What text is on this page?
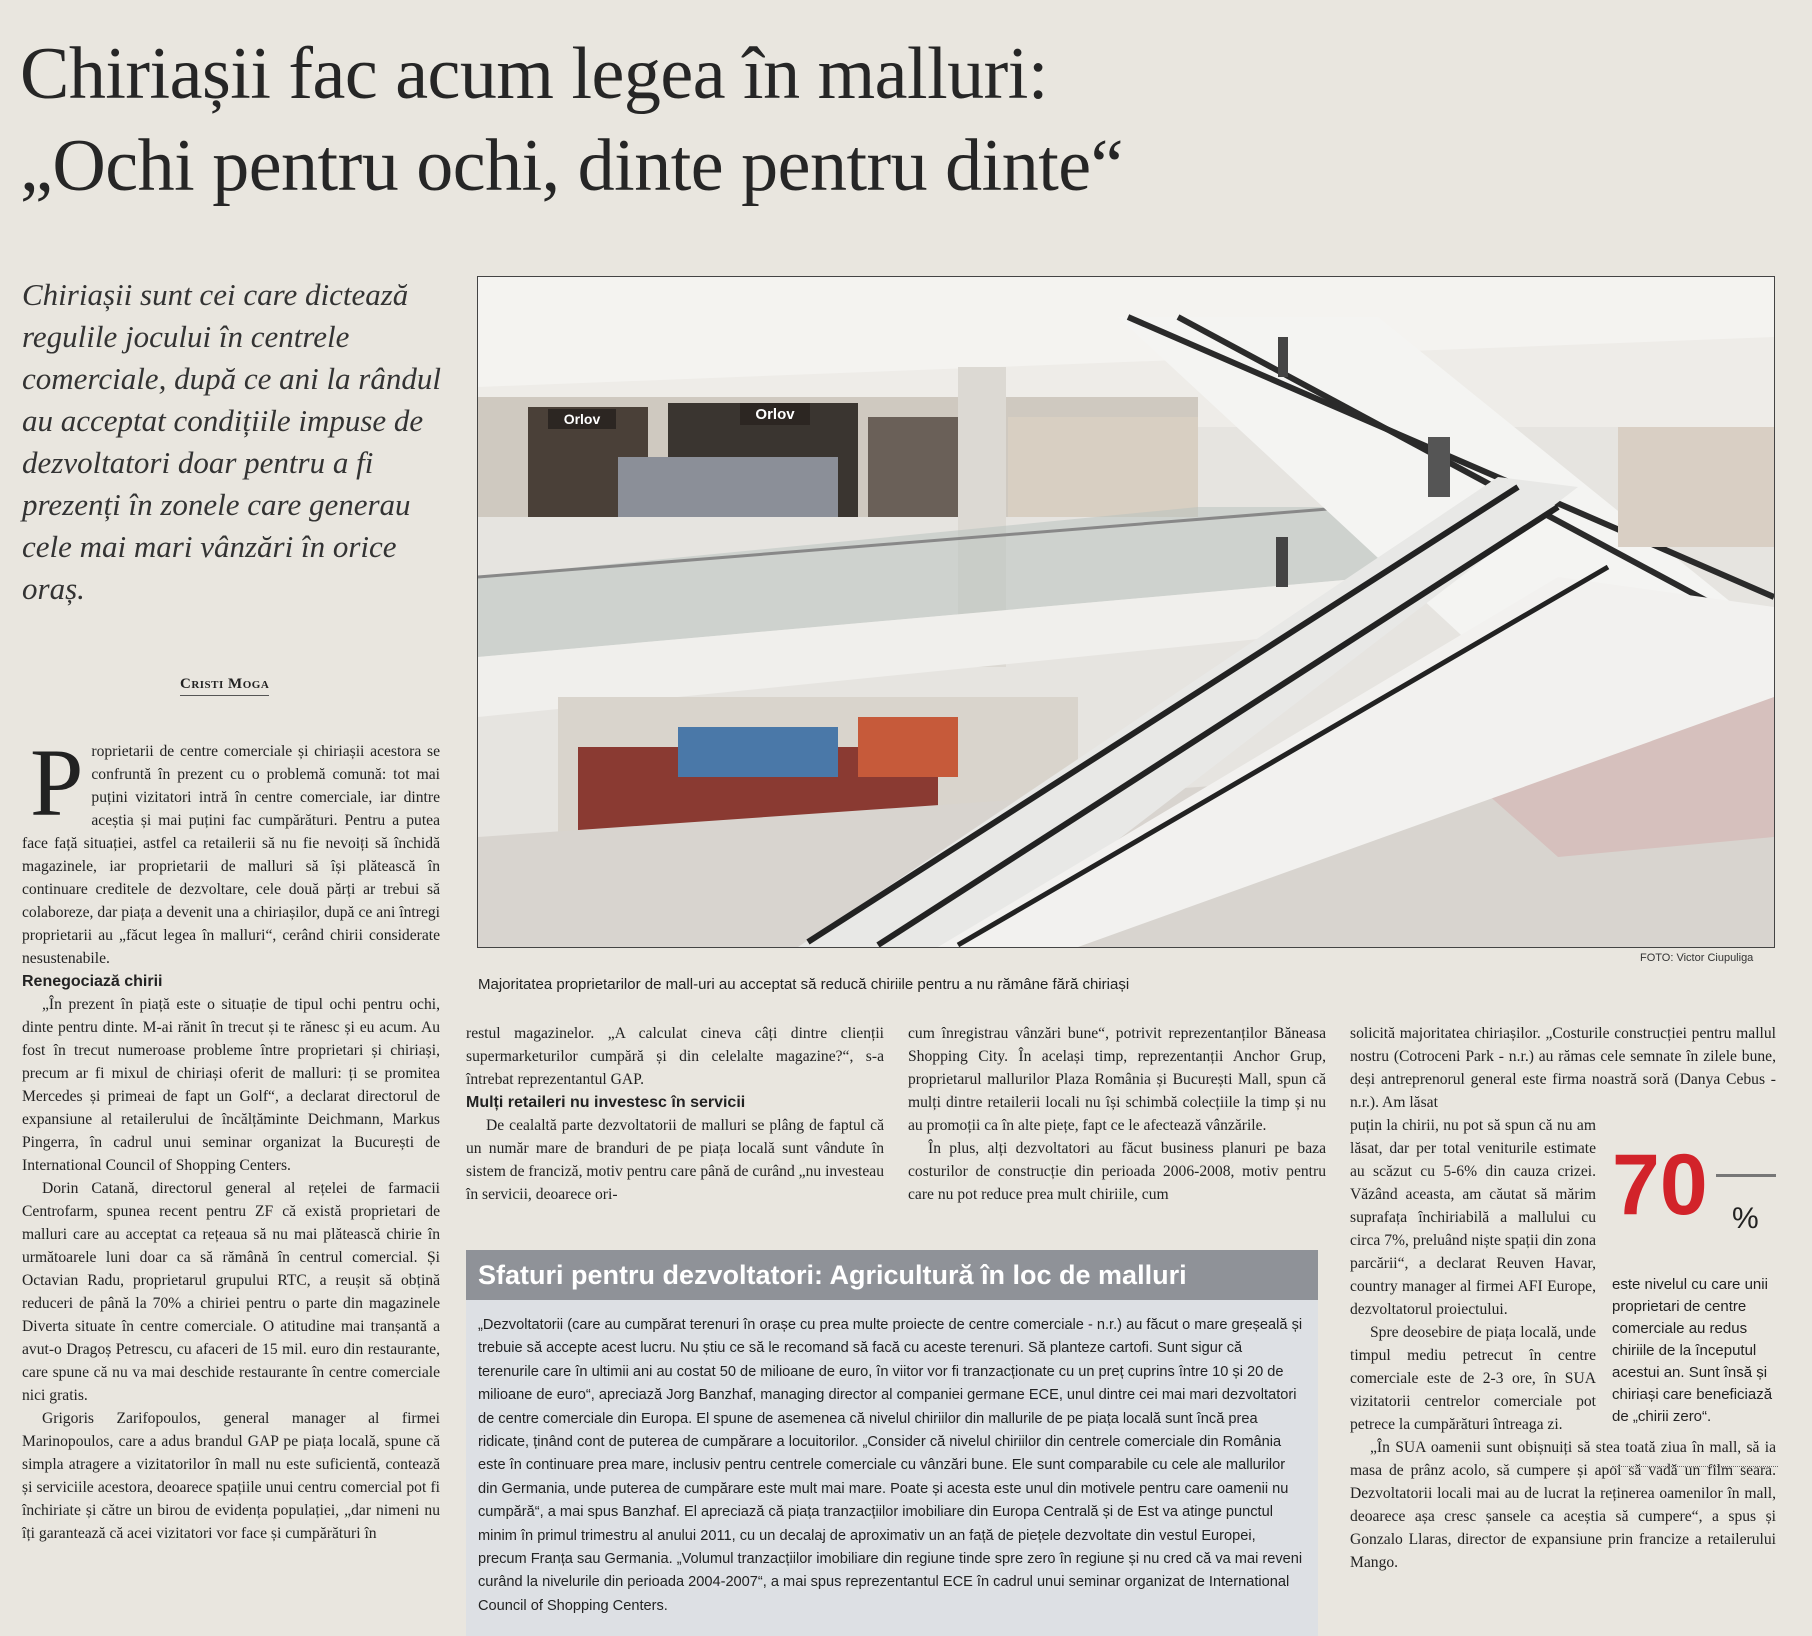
Chiriașii fac acum legea în malluri:
„Ochi pentru ochi, dinte pentru dinte“
Chiriașii sunt cei care dictează regulile jocului în centrele comerciale, după ce ani la rândul au acceptat condițiile impuse de dezvoltatori doar pentru a fi prezenți în zonele care generau cele mai mari vânzări în orice oraș.
Cristi Moga
Orlov	Orlov
FOTO: Victor Ciupuliga
Majoritatea proprietarilor de mall-uri au acceptat să reducă chiriile pentru a nu rămâne fără chiriași

Proprietarii de centre comerciale și chiriașii acestora se confruntă în prezent cu o problemă comună: tot mai puțini vizitatori intră în centre comerciale, iar dintre aceștia și mai puțini fac cumpărături. Pentru a putea face față situației, astfel ca retailerii să nu fie nevoiți să închidă magazinele, iar proprietarii de malluri să își plătească în continuare creditele de dezvoltare, cele două părți ar trebui să colaboreze, dar piața a devenit una a chiriașilor, după ce ani întregi proprietarii au „făcut legea în malluri“, cerând chirii considerate nesustenabile.

Renegociază chirii

„În prezent în piață este o situație de tipul ochi pentru ochi, dinte pentru dinte. M-ai rănit în trecut și te rănesc și eu acum. Au fost în trecut numeroase probleme între proprietari și chiriași, precum ar fi mixul de chiriași oferit de malluri: ți se promitea Mercedes și primeai de fapt un Golf“, a declarat directorul de expansiune al retailerului de încălțăminte Deichmann, Markus Pingerra, în cadrul unui seminar organizat la București de International Council of Shopping Centers.

Dorin Catană, directorul general al rețelei de farmacii Centrofarm, spunea recent pentru ZF că există proprietari de malluri care au acceptat ca rețeaua să nu mai plătească chirie în următoarele luni doar ca să rămână în centrul comercial. Și Octavian Radu, proprietarul grupului RTC, a reușit să obțină reduceri de până la 70% a chiriei pentru o parte din magazinele Diverta situate în centre comerciale. O atitudine mai tranșantă a avut-o Dragoș Petrescu, cu afaceri de 15 mil. euro din restaurante, care spune că nu va mai deschide restaurante în centre comerciale nici gratis.

Grigoris Zarifopoulos, general manager al firmei Marinopoulos, care a adus brandul GAP pe piața locală, spune că simpla atragere a vizitatorilor în mall nu este suficientă, contează și serviciile acestora, deoarece spațiile unui centru comercial pot fi închiriate și către un birou de evidența populației, „dar nimeni nu îți garantează că acei vizitatori vor face și cumpărături în

restul magazinelor. „A calculat cineva câți dintre clienții supermarketurilor cumpără și din celelalte magazine?“, s-a întrebat reprezentantul GAP.

Mulți retaileri nu investesc în servicii

De cealaltă parte dezvoltatorii de malluri se plâng de faptul că un număr mare de branduri de pe piața locală sunt vândute în sistem de franciză, motiv pentru care până de curând „nu investeau în servicii, deoarece ori-

cum înregistrau vânzări bune“, potrivit reprezentanților Băneasa Shopping City. În același timp, reprezentanții Anchor Grup, proprietarul mallurilor Plaza România și București Mall, spun că mulți dintre retailerii locali nu își schimbă colecțiile la timp și nu au promoții ca în alte piețe, fapt ce le afectează vânzările.

În plus, alți dezvoltatori au făcut business planuri pe baza costurilor de construcție din perioada 2006-2008, motiv pentru care nu pot reduce prea mult chiriile, cum

solicită majoritatea chiriașilor. „Costurile construcției pentru mallul nostru (Cotroceni Park - n.r.) au rămas cele semnate în zilele bune, deși antreprenorul general este firma noastră soră (Danya Cebus - n.r.). Am lăsat

puțin la chirii, nu pot să spun că nu am lăsat, dar per total veniturile estimate au scăzut cu 5-6% din cauza crizei. Văzând aceasta, am căutat să mărim suprafața închiriabilă a mallului cu circa 7%, preluând niște spații din zona parcării“, a declarat Reuven Havar, country manager al firmei AFI Europe, dezvoltatorul proiectului.

Spre deosebire de piața locală, unde timpul mediu petrecut în centre comerciale este de 2-3 ore, în SUA vizitatorii centrelor comerciale pot petrece la cumpărături întreaga zi.

„În SUA oamenii sunt obișnuiți să stea toată ziua în mall, să ia masa de prânz acolo, să cumpere și apoi să vadă un film seara. Dezvoltatorii locali mai au de lucrat la reținerea oamenilor în mall, deoarece așa cresc șansele ca aceștia să cumpere“, a spus și Gonzalo Llaras, director de expansiune prin francize a retailerului Mango.

70 %
este nivelul cu care unii proprietari de centre comerciale au redus chiriile de la începutul acestui an. Sunt însă și chiriași care beneficiază de „chirii zero“.
Sfaturi pentru dezvoltatori: Agricultură în loc de malluri
„Dezvoltatorii (care au cumpărat terenuri în orașe cu prea multe proiecte de centre comerciale - n.r.) au făcut o mare greșeală și trebuie să accepte acest lucru. Nu știu ce să le recomand să facă cu aceste terenuri. Să planteze cartofi. Sunt sigur că terenurile care în ultimii ani au costat 50 de milioane de euro, în viitor vor fi tranzacționate cu un preț cuprins între 10 și 20 de milioane de euro“, apreciază Jorg Banzhaf, managing director al companiei germane ECE, unul dintre cei mai mari dezvoltatori de centre comerciale din Europa. El spune de asemenea că nivelul chiriilor din mallurile de pe piața locală sunt încă prea ridicate, ținând cont de puterea de cumpărare a locuitorilor. „Consider că nivelul chiriilor din centrele comerciale din România este în continuare prea mare, inclusiv pentru centrele comerciale cu vânzări bune. Ele sunt comparabile cu cele ale mallurilor din Germania, unde puterea de cumpărare este mult mai mare. Poate și acesta este unul din motivele pentru care oamenii nu cumpără“, a mai spus Banzhaf. El apreciază că piața tranzacțiilor imobiliare din Europa Centrală și de Est va atinge punctul minim în primul trimestru al anului 2011, cu un decalaj de aproximativ un an față de piețele dezvoltate din vestul Europei, precum Franța sau Germania. „Volumul tranzacțiilor imobiliare din regiune tinde spre zero în regiune și nu cred că va mai reveni curând la nivelurile din perioada 2004-2007“, a mai spus reprezentantul ECE în cadrul unui seminar organizat de International Council of Shopping Centers.
